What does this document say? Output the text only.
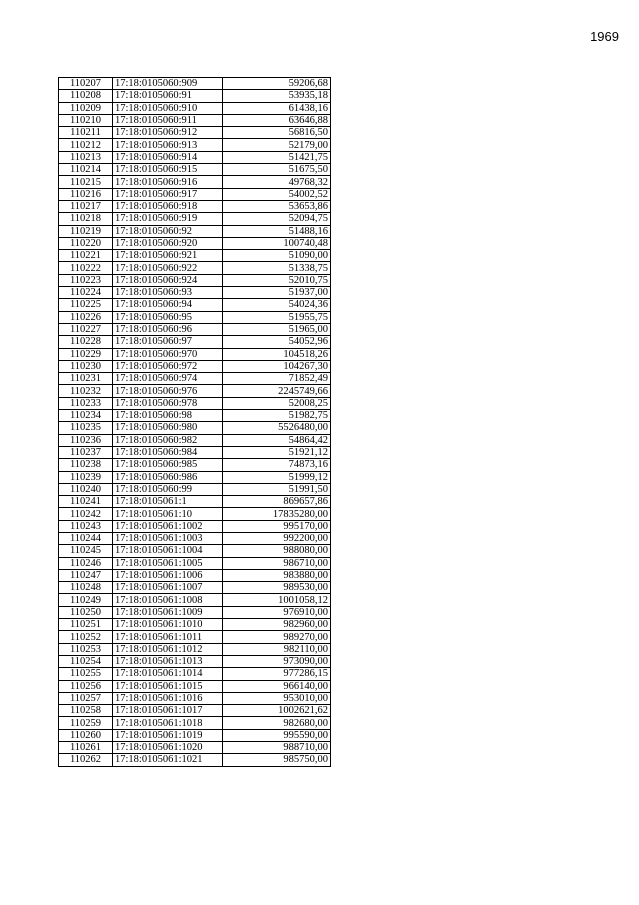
1969
110207	17:18:0105060:909	59206,68
110208	17:18:0105060:91	53935,18
110209	17:18:0105060:910	61438,16
110210	17:18:0105060:911	63646,88
110211	17:18:0105060:912	56816,50
110212	17:18:0105060:913	52179,00
110213	17:18:0105060:914	51421,75
110214	17:18:0105060:915	51675,50
110215	17:18:0105060:916	49768,32
110216	17:18:0105060:917	54002,52
110217	17:18:0105060:918	53653,86
110218	17:18:0105060:919	52094,75
110219	17:18:0105060:92	51488,16
110220	17:18:0105060:920	100740,48
110221	17:18:0105060:921	51090,00
110222	17:18:0105060:922	51338,75
110223	17:18:0105060:924	52010,75
110224	17:18:0105060:93	51937,00
110225	17:18:0105060:94	54024,36
110226	17:18:0105060:95	51955,75
110227	17:18:0105060:96	51965,00
110228	17:18:0105060:97	54052,96
110229	17:18:0105060:970	104518,26
110230	17:18:0105060:972	104267,30
110231	17:18:0105060:974	71852,49
110232	17:18:0105060:976	2245749,66
110233	17:18:0105060:978	52008,25
110234	17:18:0105060:98	51982,75
110235	17:18:0105060:980	5526480,00
110236	17:18:0105060:982	54864,42
110237	17:18:0105060:984	51921,12
110238	17:18:0105060:985	74873,16
110239	17:18:0105060:986	51999,12
110240	17:18:0105060:99	51991,50
110241	17:18:0105061:1	869657,86
110242	17:18:0105061:10	17835280,00
110243	17:18:0105061:1002	995170,00
110244	17:18:0105061:1003	992200,00
110245	17:18:0105061:1004	988080,00
110246	17:18:0105061:1005	986710,00
110247	17:18:0105061:1006	983880,00
110248	17:18:0105061:1007	989530,00
110249	17:18:0105061:1008	1001058,12
110250	17:18:0105061:1009	976910,00
110251	17:18:0105061:1010	982960,00
110252	17:18:0105061:1011	989270,00
110253	17:18:0105061:1012	982110,00
110254	17:18:0105061:1013	973090,00
110255	17:18:0105061:1014	977286,15
110256	17:18:0105061:1015	966140,00
110257	17:18:0105061:1016	953010,00
110258	17:18:0105061:1017	1002621,62
110259	17:18:0105061:1018	982680,00
110260	17:18:0105061:1019	995590,00
110261	17:18:0105061:1020	988710,00
110262	17:18:0105061:1021	985750,00
